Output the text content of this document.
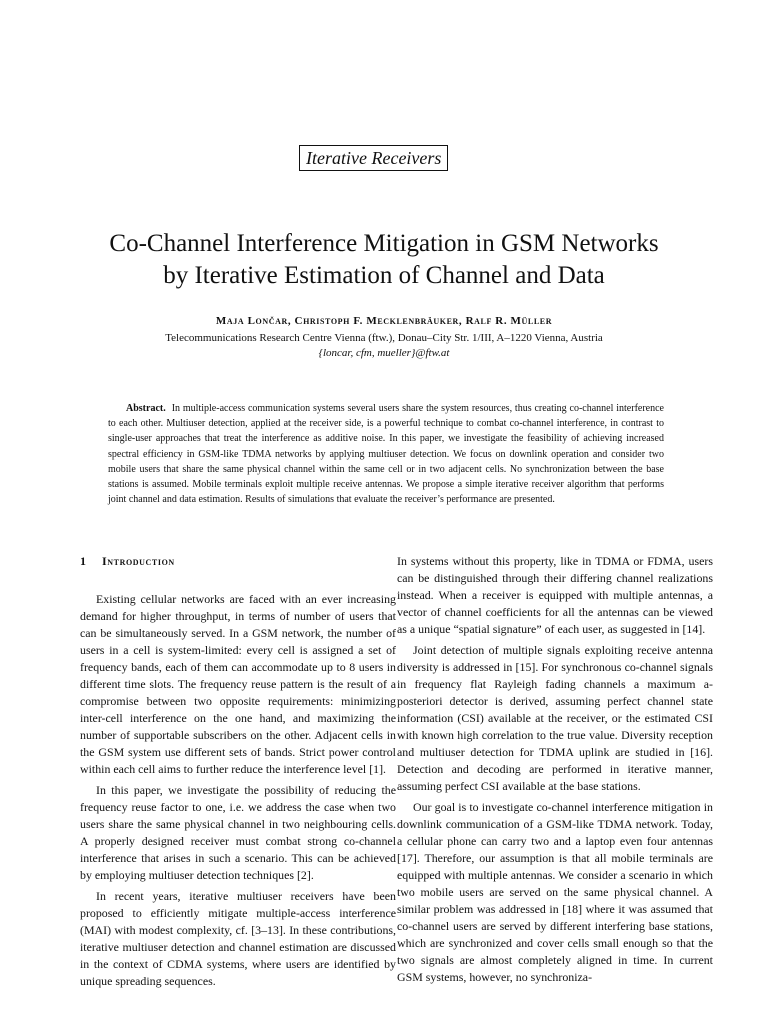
Iterative Receivers
Co-Channel Interference Mitigation in GSM Networks
by Iterative Estimation of Channel and Data
Maja Lončar, Christoph F. Mecklenbräuker, Ralf R. Müller
Telecommunications Research Centre Vienna (ftw.), Donau–City Str. 1/III, A–1220 Vienna, Austria
{loncar, cfm, mueller}@ftw.at

Abstract. In multiple-access communication systems several users share the system resources, thus creating co-channel interference to each other. Multiuser detection, applied at the receiver side, is a powerful technique to combat co-channel interference, in contrast to single-user approaches that treat the interference as additive noise. In this paper, we investigate the feasibility of achieving increased spectral efficiency in GSM-like TDMA networks by applying multiuser detection. We focus on downlink operation and consider two mobile users that share the same physical channel within the same cell or in two adjacent cells. No synchronization between the base stations is assumed. Mobile terminals exploit multiple receive antennas. We propose a simple iterative receiver algorithm that performs joint channel and data estimation. Results of simulations that evaluate the receiver’s performance are presented.

1 Introduction

Existing cellular networks are faced with an ever increasing demand for higher throughput, in terms of number of users that can be simultaneously served. In a GSM network, the number of users in a cell is system-limited: every cell is assigned a set of frequency bands, each of them can accommodate up to 8 users in different time slots. The frequency reuse pattern is the result of a compromise between two opposite requirements: minimizing inter-cell interference on the one hand, and maximizing the number of supportable subscribers on the other. Adjacent cells in the GSM system use different sets of bands. Strict power control within each cell aims to further reduce the interference level [1].

In this paper, we investigate the possibility of reducing the frequency reuse factor to one, i.e. we address the case when two users share the same physical channel in two neighbouring cells. A properly designed receiver must combat strong co-channel interference that arises in such a scenario. This can be achieved by employing multiuser detection techniques [2].

In recent years, iterative multiuser receivers have been proposed to efficiently mitigate multiple-access interference (MAI) with modest complexity, cf. [3–13]. In these contributions, iterative multiuser detection and channel estimation are discussed in the context of CDMA systems, where users are identified by unique spreading sequences.

In systems without this property, like in TDMA or FDMA, users can be distinguished through their differing channel realizations instead. When a receiver is equipped with multiple antennas, a vector of channel coefficients for all the antennas can be viewed as a unique “spatial signature” of each user, as suggested in [14].

Joint detection of multiple signals exploiting receive antenna diversity is addressed in [15]. For synchronous co-channel signals in frequency flat Rayleigh fading channels a maximum a-posteriori detector is derived, assuming perfect channel state information (CSI) available at the receiver, or the estimated CSI with known high correlation to the true value. Diversity reception and multiuser detection for TDMA uplink are studied in [16]. Detection and decoding are performed in iterative manner, assuming perfect CSI available at the base stations.

Our goal is to investigate co-channel interference mitigation in downlink communication of a GSM-like TDMA network. Today, a cellular phone can carry two and a laptop even four antennas [17]. Therefore, our assumption is that all mobile terminals are equipped with multiple antennas. We consider a scenario in which two mobile users are served on the same physical channel. A similar problem was addressed in [18] where it was assumed that co-channel users are served by different interfering base stations, which are synchronized and cover cells small enough so that the two signals are almost completely aligned in time. In current GSM systems, however, no synchroniza-
